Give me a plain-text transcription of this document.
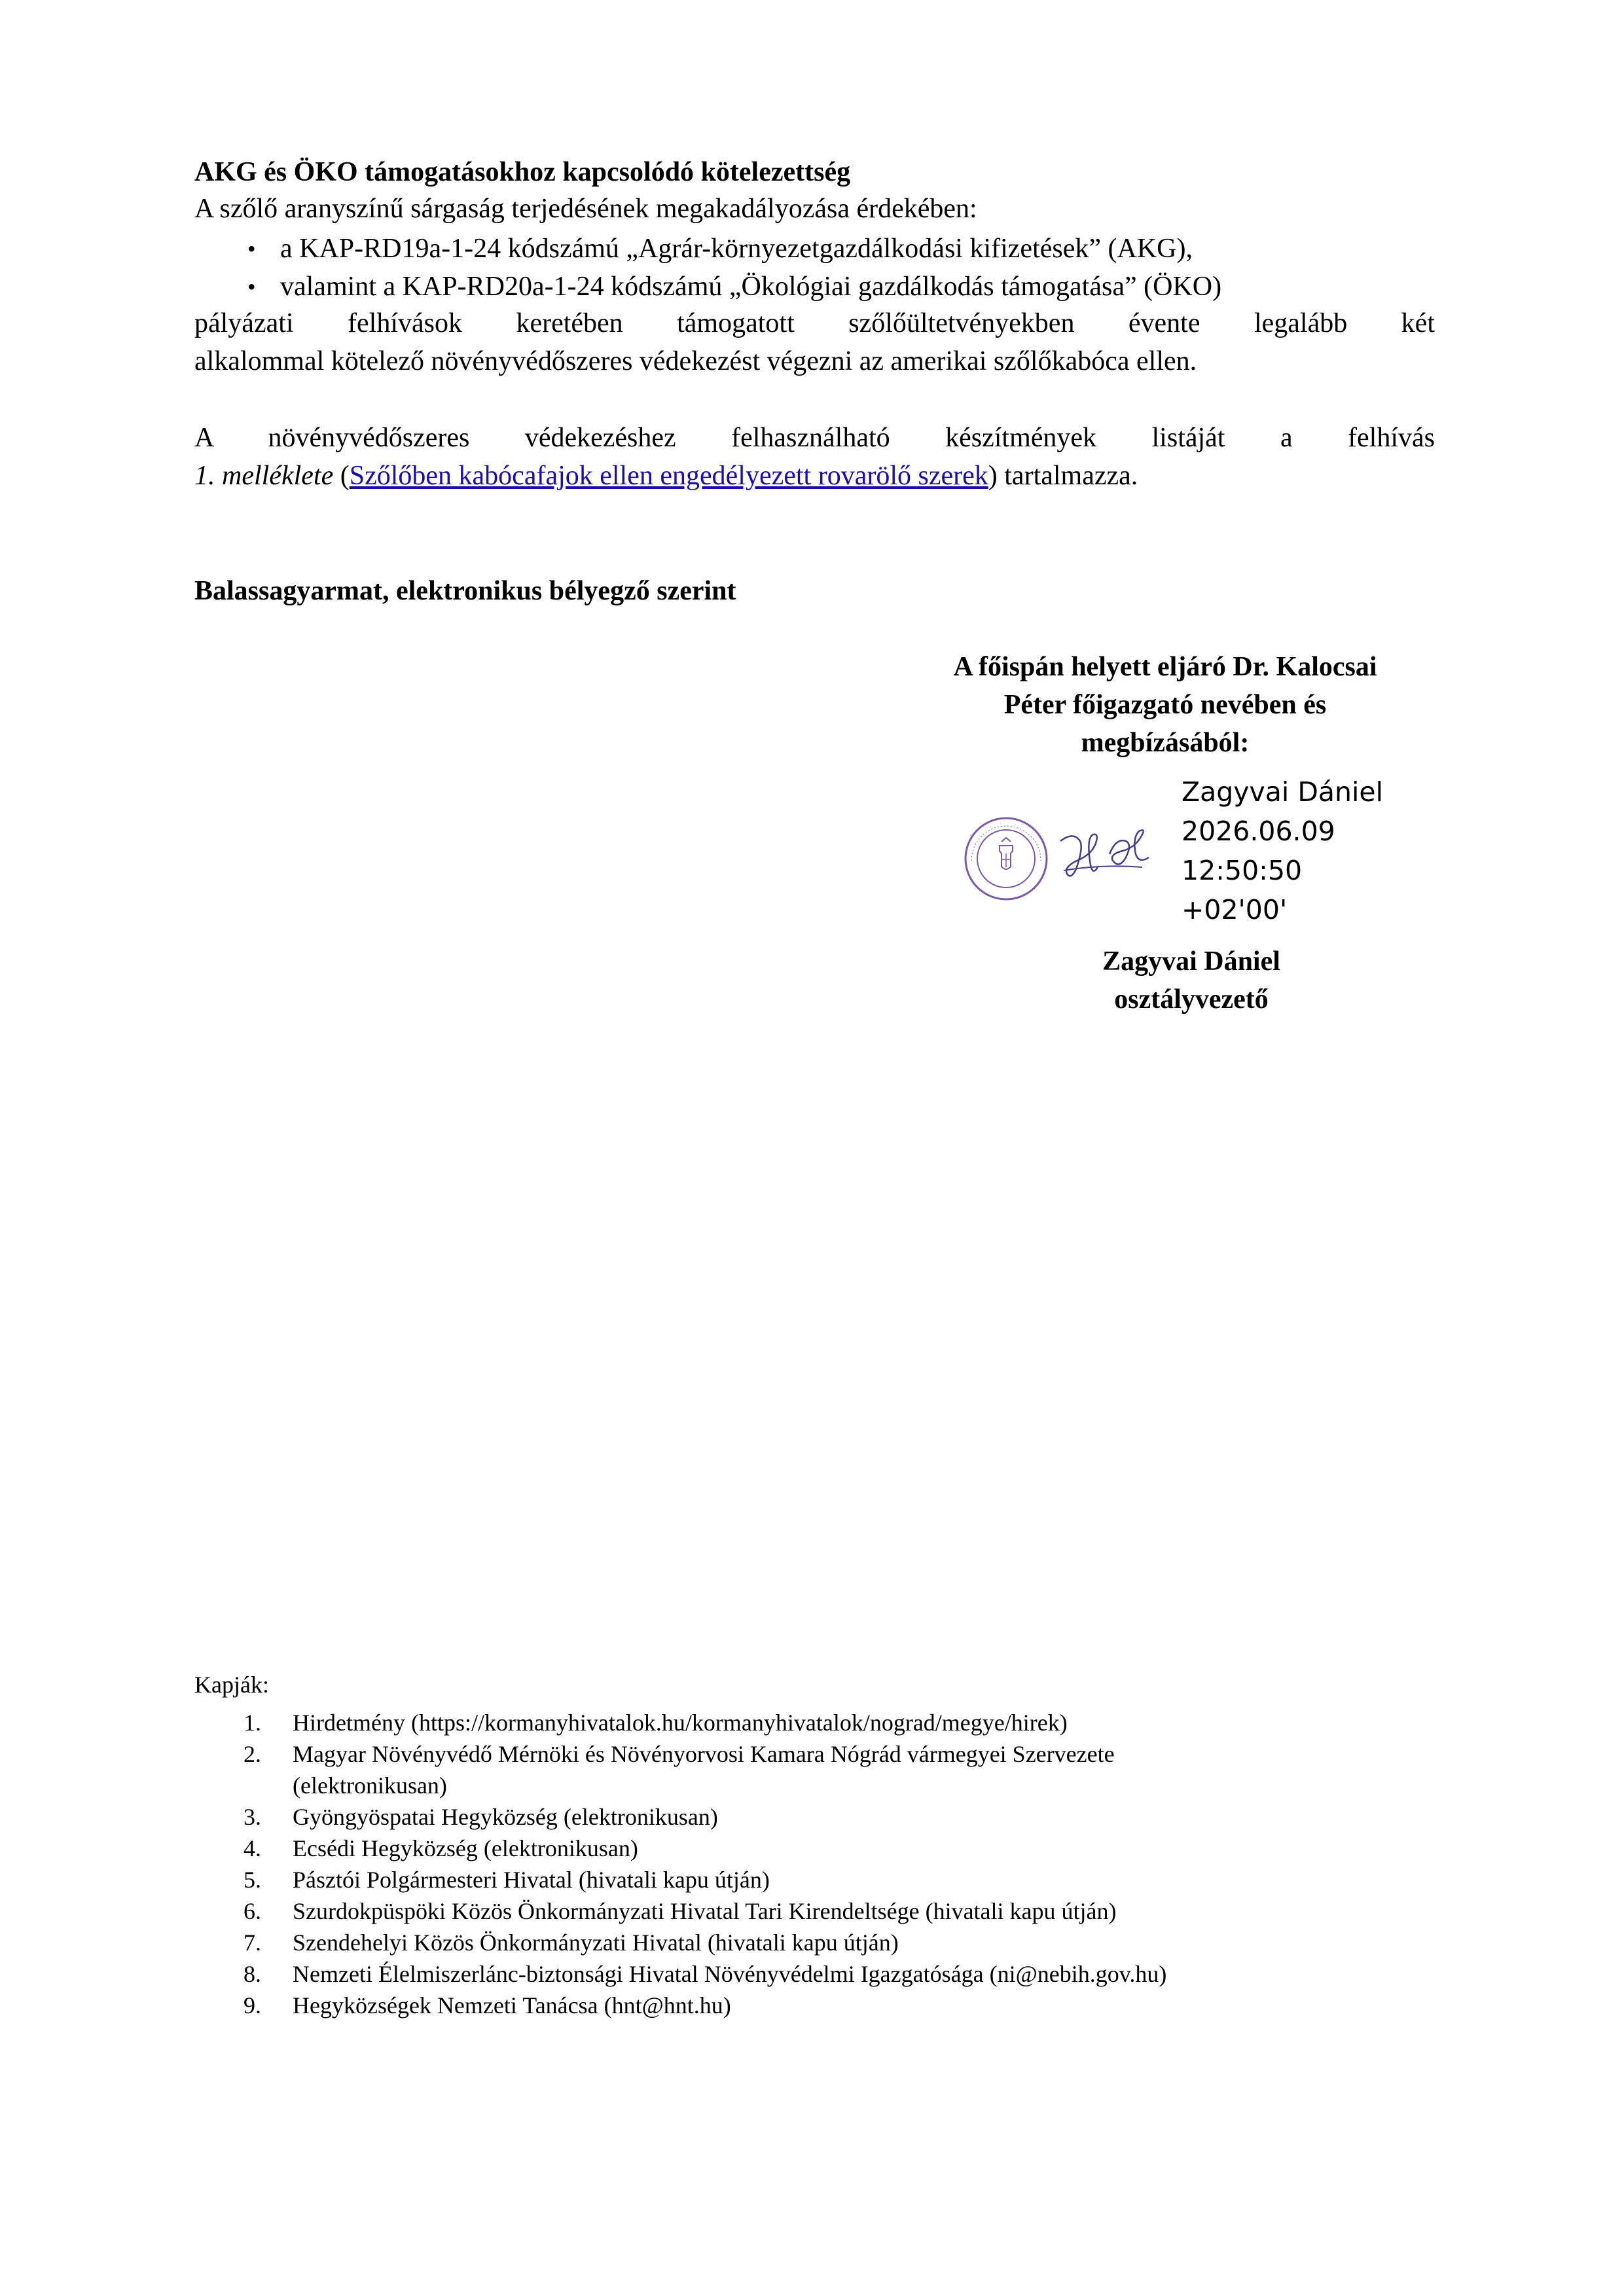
AKG és ÖKO támogatásokhoz kapcsolódó kötelezettség
A szőlő aranyszínű sárgaság terjedésének megakadályozása érdekében:
• a KAP-RD19a-1-24 kódszámú „Agrár-környezetgazdálkodási kifizetések” (AKG),
• valamint a KAP-RD20a-1-24 kódszámú „Ökológiai gazdálkodás támogatása” (ÖKO)
pályázati felhívások keretében támogatott szőlőültetvényekben évente legalább két
alkalommal kötelező növényvédőszeres védekezést végezni az amerikai szőlőkabóca ellen.
A növényvédőszeres védekezéshez felhasználható készítmények listáját a felhívás
1. melléklete (Szőlőben kabócafajok ellen engedélyezett rovarölő szerek) tartalmazza.
Balassagyarmat, elektronikus bélyegző szerint
A főispán helyett eljáró Dr. Kalocsai
Péter főigazgató nevében és
megbízásából:
Zagyvai Dániel
2026.06.09
12:50:50
+02'00'
Zagyvai Dániel
osztályvezető
Kapják:
1. Hirdetmény (https://kormanyhivatalok.hu/kormanyhivatalok/nograd/megye/hirek)
2. Magyar Növényvédő Mérnöki és Növényorvosi Kamara Nógrád vármegyei Szervezete
(elektronikusan)
3. Gyöngyöspatai Hegyközség (elektronikusan)
4. Ecsédi Hegyközség (elektronikusan)
5. Pásztói Polgármesteri Hivatal (hivatali kapu útján)
6. Szurdokpüspöki Közös Önkormányzati Hivatal Tari Kirendeltsége (hivatali kapu útján)
7. Szendehelyi Közös Önkormányzati Hivatal (hivatali kapu útján)
8. Nemzeti Élelmiszerlánc-biztonsági Hivatal Növényvédelmi Igazgatósága (ni@nebih.gov.hu)
9. Hegyközségek Nemzeti Tanácsa (hnt@hnt.hu)
